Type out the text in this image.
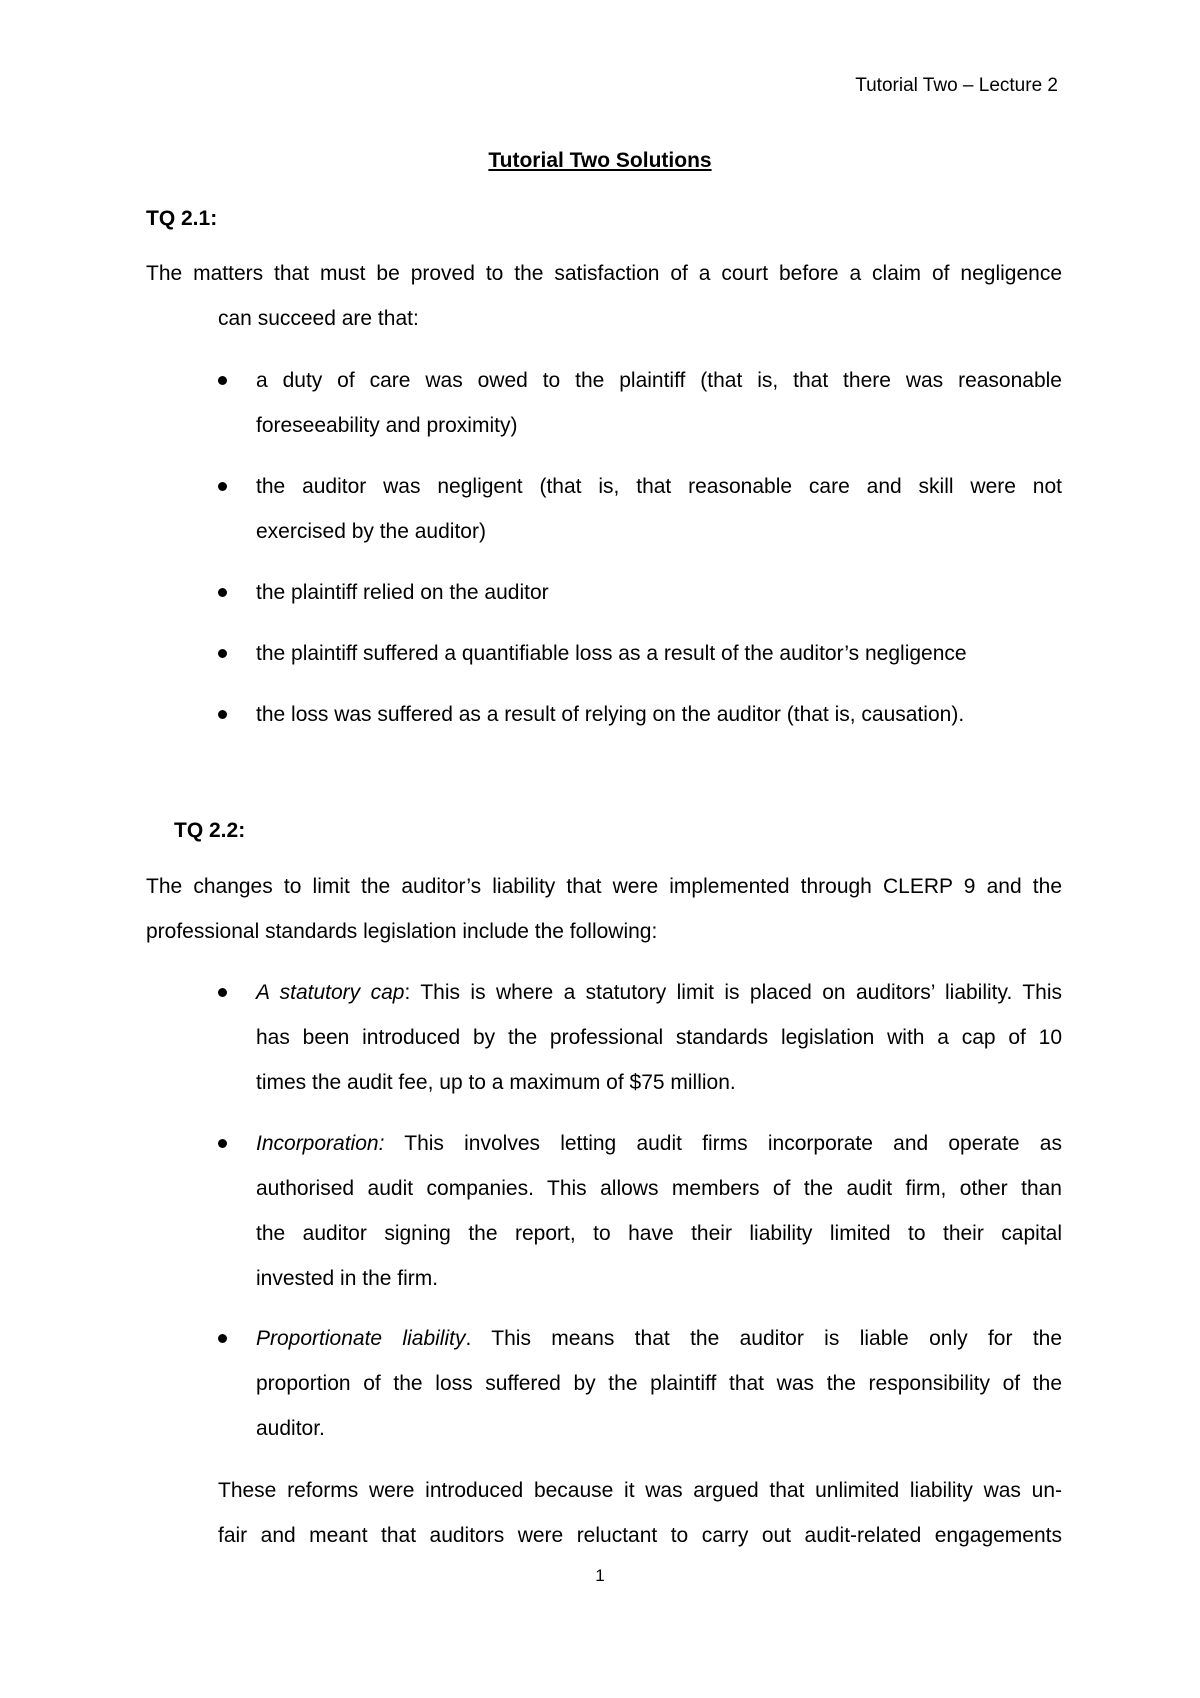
Tutorial Two – Lecture 2
Tutorial Two Solutions
TQ 2.1:
The matters that must be proved to the satisfaction of a court before a claim of negligence
can succeed are that:
a duty of care was owed to the plaintiff (that is, that there was reasonable
foreseeability and proximity)
the auditor was negligent (that is, that reasonable care and skill were not
exercised by the auditor)
the plaintiff relied on the auditor
the plaintiff suffered a quantifiable loss as a result of the auditor’s negligence
the loss was suffered as a result of relying on the auditor (that is, causation).
TQ 2.2:
The changes to limit the auditor’s liability that were implemented through CLERP 9 and the
professional standards legislation include the following:
A statutory cap: This is where a statutory limit is placed on auditors’ liability. This
has been introduced by the professional standards legislation with a cap of 10
times the audit fee, up to a maximum of $75 million.
Incorporation: This involves letting audit firms incorporate and operate as
authorised audit companies. This allows members of the audit firm, other than
the auditor signing the report, to have their liability limited to their capital
invested in the firm.
Proportionate liability. This means that the auditor is liable only for the
proportion of the loss suffered by the plaintiff that was the responsibility of the
auditor.
These reforms were introduced because it was argued that unlimited liability was un-
fair and meant that auditors were reluctant to carry out audit-related engagements
1
